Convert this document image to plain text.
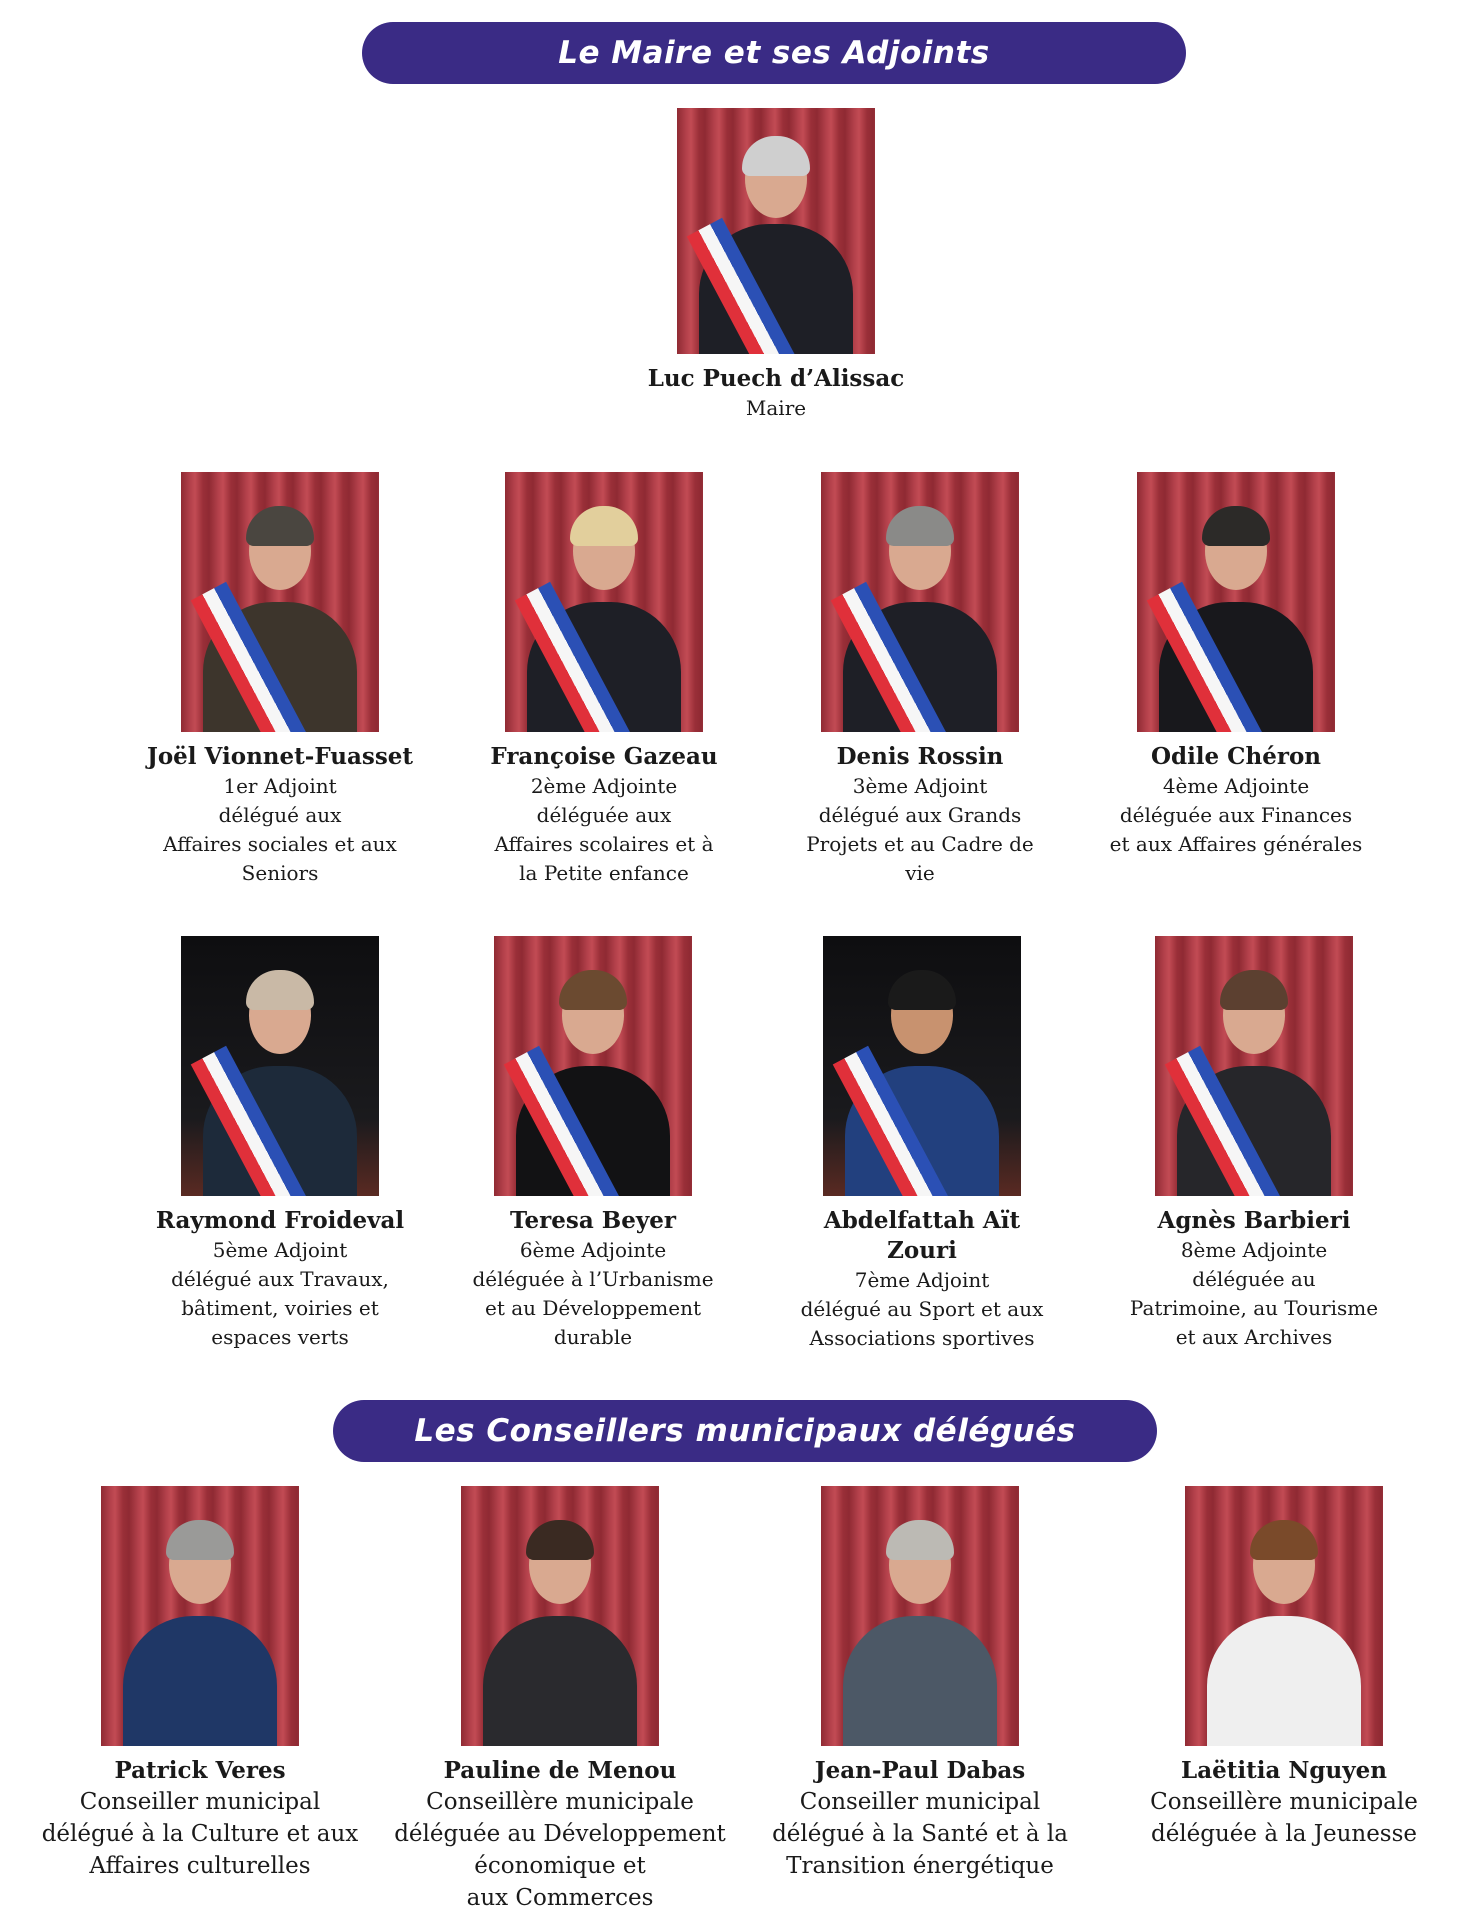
Le Maire et ses Adjoints
Luc Puech d’Alissac
Maire
Joël Vionnet-Fuasset
1er Adjoint
délégué aux
Affaires sociales et aux
Seniors
Françoise Gazeau
2ème Adjointe
déléguée aux
Affaires scolaires et à
la Petite enfance
Denis Rossin
3ème Adjoint
délégué aux Grands
Projets et au Cadre de
vie
Odile Chéron
4ème Adjointe
déléguée aux Finances
et aux Affaires générales
Raymond Froideval
5ème Adjoint
délégué aux Travaux,
bâtiment, voiries et
espaces verts
Teresa Beyer
6ème Adjointe
déléguée à l’Urbanisme
et au Développement
durable
Abdelfattah Aït
Zouri
7ème Adjoint
délégué au Sport et aux
Associations sportives
Agnès Barbieri
8ème Adjointe
déléguée au
Patrimoine, au Tourisme
et aux Archives
Les Conseillers municipaux délégués
Patrick Veres
Conseiller municipal
délégué à la Culture et aux
Affaires culturelles
Pauline de Menou
Conseillère municipale
déléguée au Développement
économique et
aux Commerces
Jean-Paul Dabas
Conseiller municipal
délégué à la Santé et à la
Transition énergétique
Laëtitia Nguyen
Conseillère municipale
déléguée à la Jeunesse
